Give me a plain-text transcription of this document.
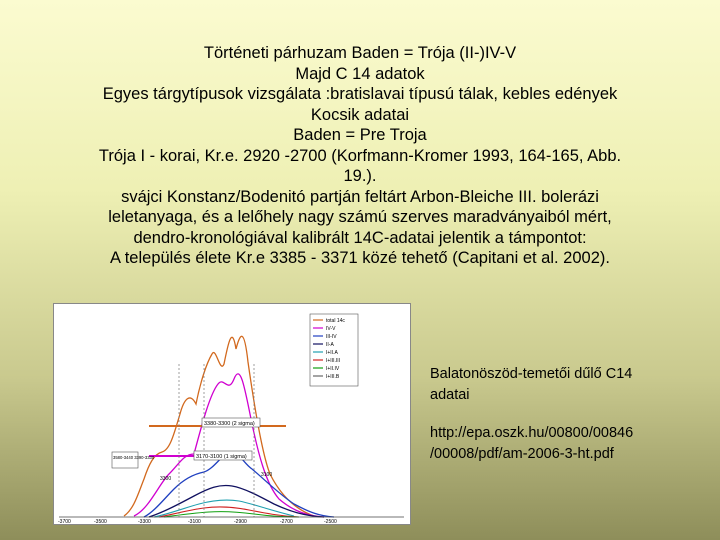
Történeti párhuzam Baden = Trója (II-)IV-V
Majd C 14 adatok
Egyes tárgytípusok vizsgálata :bratislavai típusú tálak, kebles edények
Kocsik adatai
Baden = Pre Troja
Trója I - korai, Kr.e. 2920 -2700 (Korfmann-Kromer 1993, 164-165, Abb.
19.).
svájci Konstanz/Bodenitó partján feltárt Arbon-Bleiche III. bolerázi
leletanyaga, és a lelőhely nagy számú szerves maradványaiból mért,
dendro-kronológiával kalibrált 14C-adatai jelentik a támpontot:
A település élete Kr.e 3385 - 3371 közé tehető (Capitani et al. 2002).
3380-3300 (2 sigma)
3170-3100 (1 sigma)
3580-3440 3390-3330
3300
3100
total 14c
IV-V
III-IV
II-A
I+II.A
I+III.III
I+II.IV
I+III.B
-3700	-3500	-3300	-3100	-2900	-2700	-2500
Balatonöszöd-temetői dűlő C14
adatai
http://epa.oszk.hu/00800/00846
/00008/pdf/am-2006-3-ht.pdf
